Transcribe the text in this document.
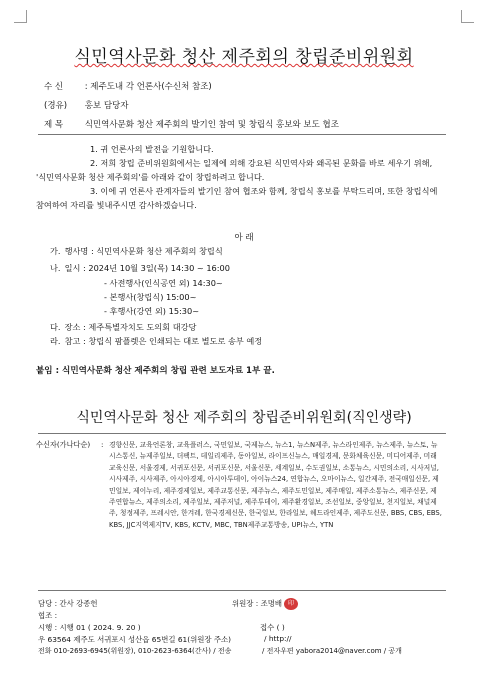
식민역사문화 청산 제주회의 창립준비위원회
수 신	: 제주도내 각 언론사(수신처 참조)
(경유) 홍보 담당자
제 목	식민역사문화 청산 제주회의 발기인 참여 및 창립식 홍보와 보도 협조
1. 귀 언론사의 발전을 기원합니다.
2. 저희 창립 준비위원회에서는 일제에 의해 강요된 식민역사와 왜곡된 문화를 바로 세우기 위해, '식민역사문화 청산 제주회의'를 아래와 같이 창립하려고 합니다.
3. 이에 귀 언론사 관계자들의 발기인 참여 협조와 함께, 창립식 홍보를 부탁드리며, 또한 창립식에 참여하여 자리를 빛내주시면 감사하겠습니다.
아 래
가. 행사명 : 식민역사문화 청산 제주회의 창립식
나. 일시 : 2024년 10월 3일(목) 14:30 ~ 16:00
- 사전행사(인식공연 외) 14:30~
- 본행사(창립식) 15:00~
- 후행사(강연 외) 15:30~
다. 장소 : 제주특별자치도 도의회 대강당
라. 참고 : 창립식 팜플렛은 인쇄되는 대로 별도로 송부 예정
붙임 : 식민역사문화 청산 제주회의 창립 관련 보도자료 1부 끝.
식민역사문화 청산 제주회의 창립준비위원회(직인생략)
수신자(가나다순) : 경향신문, 교육언론창, 교육플러스, 국민일보, 국제뉴스, 뉴스1, 뉴스N제주, 뉴스라인제주, 뉴스제주, 뉴스토, 뉴시스통신, 뉴제주일보, 더팩트, 데일리제주, 동아일보, 라이프신뉴스, 매일경제, 문화체육신문, 미디어제주, 미래교육신문, 서울경제, 서귀포신문, 서귀포신문, 서울신문, 세계일보, 수도권일보, 소통뉴스, 시민의소리, 시사저널, 시사제주, 시사제주, 아시아경제, 아시아투데이, 아이뉴스24, 연합뉴스, 오마이뉴스, 일간제주, 전국매일신문, 제민일보, 제이누리, 제주경제일보, 제주교통신문, 제주뉴스, 제주도민일보, 제주매일, 제주소통뉴스, 제주신문, 제주연합뉴스, 제주의소리, 제주일보, 제주저널, 제주투데이, 제주환경일보, 조선일보, 중앙일보, 천지일보, 채널제주, 청정제주, 프레시안, 한겨레, 한국경제신문, 한국일보, 한라일보, 헤드라인제주, 제주도신문, BBS, CBS, EBS, KBS, JJC지역제지TV, KBS, KCTV, MBC, TBN제주교통방송, UPI뉴스, YTN
담당 : 간사 강종헌	위원장 : 조명배 印
협조 :
시행 : 시행 01 ( 2024. 9. 20 )	접수 ( )
우 63564 제주도 서귀포시 성산읍 65번길 61(위원장 주소)	/ http://
전화 010-2693-6945(위원장), 010-2623-6364(간사) / 전송	/ 전자우편 yabora2014@naver.com / 공개
